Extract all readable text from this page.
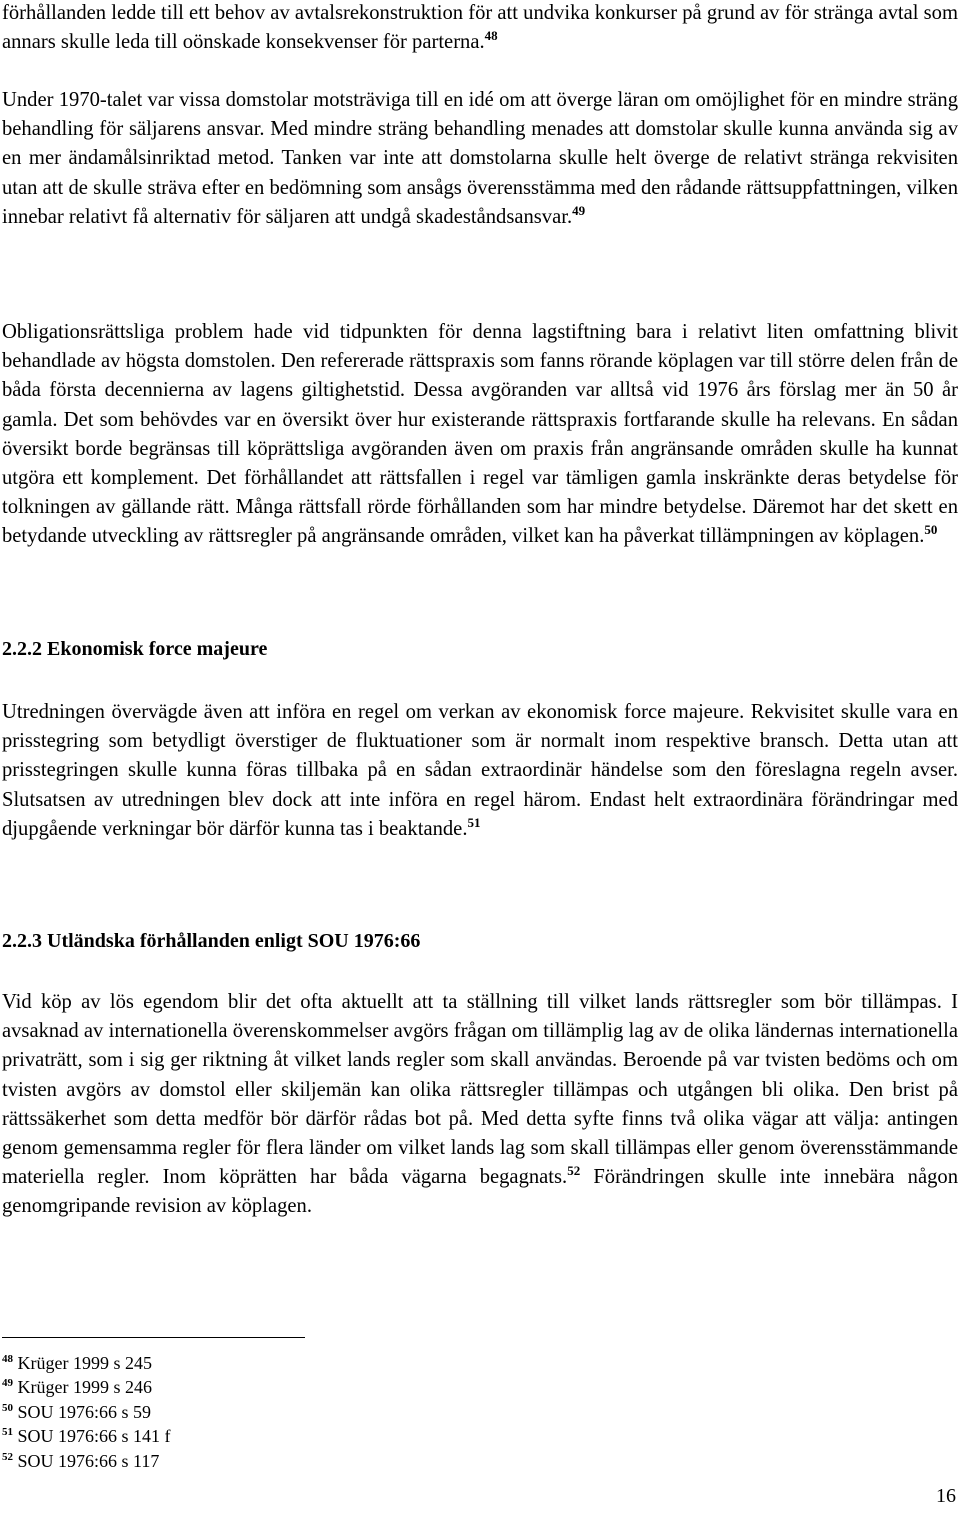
förhållanden ledde till ett behov av avtalsrekonstruktion för att undvika konkurser på grund av för stränga avtal som annars skulle leda till oönskade konsekvenser för parterna.$^{48}$
Under 1970-talet var vissa domstolar motsträviga till en idé om att överge läran om omöjlighet för en mindre sträng behandling för säljarens ansvar. Med mindre sträng behandling menades att domstolar skulle kunna använda sig av en mer ändamålsinriktad metod. Tanken var inte att domstolarna skulle helt överge de relativt stränga rekvisiten utan att de skulle sträva efter en bedömning som ansågs överensstämma med den rådande rättsuppfattningen, vilken innebar relativt få alternativ för säljaren att undgå skadeståndsansvar.$^{49}$
Obligationsrättsliga problem hade vid tidpunkten för denna lagstiftning bara i relativt liten omfattning blivit behandlade av högsta domstolen. Den refererade rättspraxis som fanns rörande köplagen var till större delen från de båda första decennierna av lagens giltighetstid. Dessa avgöranden var alltså vid 1976 års förslag mer än 50 år gamla. Det som behövdes var en översikt över hur existerande rättspraxis fortfarande skulle ha relevans. En sådan översikt borde begränsas till köprättsliga avgöranden även om praxis från angränsande områden skulle ha kunnat utgöra ett komplement. Det förhållandet att rättsfallen i regel var tämligen gamla inskränkte deras betydelse för tolkningen av gällande rätt. Många rättsfall rörde förhållanden som har mindre betydelse. Däremot har det skett en betydande utveckling av rättsregler på angränsande områden, vilket kan ha påverkat tillämpningen av köplagen.$^{50}$
2.2.2 Ekonomisk force majeure
Utredningen övervägde även att införa en regel om verkan av ekonomisk force majeure. Rekvisitet skulle vara en prisstegring som betydligt överstiger de fluktuationer som är normalt inom respektive bransch. Detta utan att prisstegringen skulle kunna föras tillbaka på en sådan extraordinär händelse som den föreslagna regeln avser. Slutsatsen av utredningen blev dock att inte införa en regel härom. Endast helt extraordinära förändringar med djupgående verkningar bör därför kunna tas i beaktande.$^{51}$
2.2.3 Utländska förhållanden enligt SOU 1976:66
Vid köp av lös egendom blir det ofta aktuellt att ta ställning till vilket lands rättsregler som bör tillämpas. I avsaknad av internationella överenskommelser avgörs frågan om tillämplig lag av de olika ländernas internationella privaträtt, som i sig ger riktning åt vilket lands regler som skall användas. Beroende på var tvisten bedöms och om tvisten avgörs av domstol eller skiljemän kan olika rättsregler tillämpas och utgången bli olika. Den brist på rättssäkerhet som detta medför bör därför rådas bot på. Med detta syfte finns två olika vägar att välja: antingen genom gemensamma regler för flera länder om vilket lands lag som skall tillämpas eller genom överensstämmande materiella regler. Inom köprätten har båda vägarna begagnats.$^{52}$ Förändringen skulle inte innebära någon genomgripande revision av köplagen.
$^{48}$ Krüger 1999 s 245
$^{49}$ Krüger 1999 s 246
$^{50}$ SOU 1976:66 s 59
$^{51}$ SOU 1976:66 s 141 f
$^{52}$ SOU 1976:66 s 117
16
